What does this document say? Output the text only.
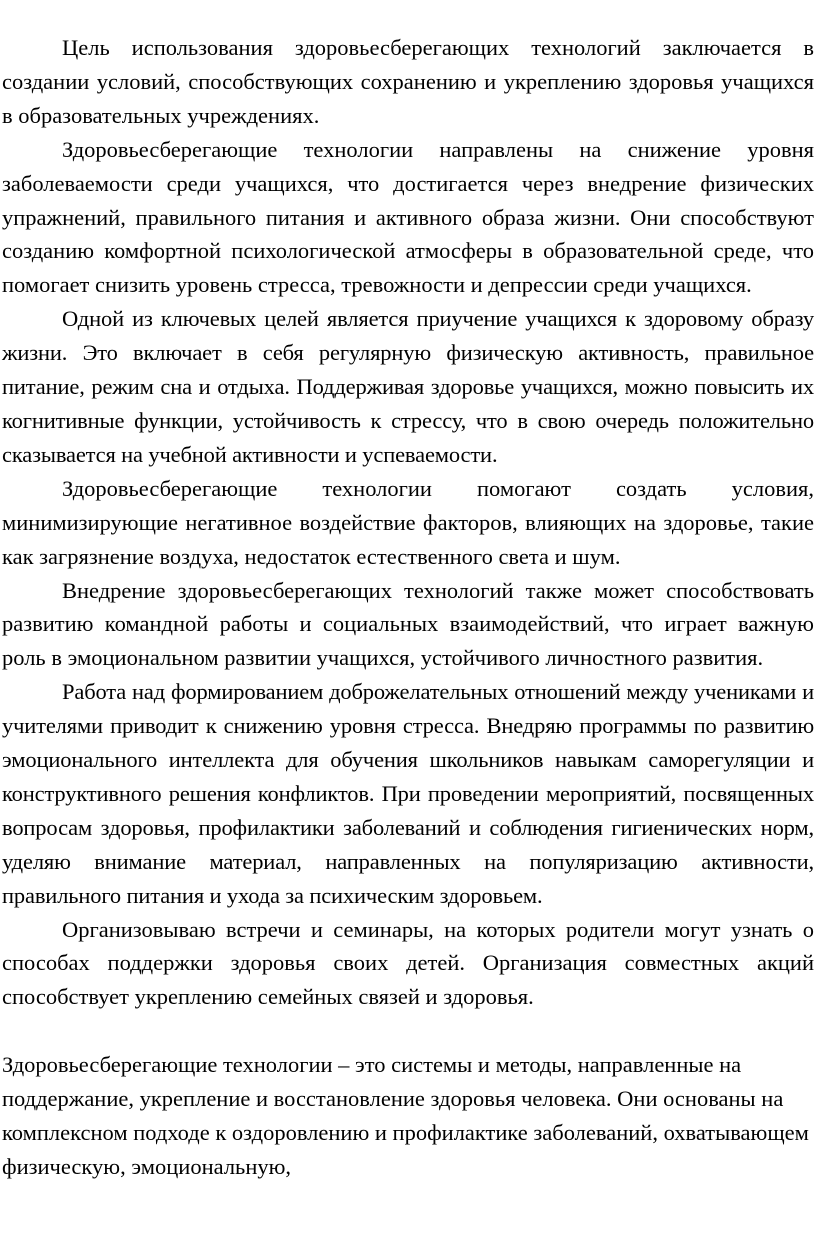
Цель использования здоровьесберегающих технологий заключается в создании условий, способствующих сохранению и укреплению здоровья учащихся в образовательных учреждениях.

Здоровьесберегающие технологии направлены на снижение уровня заболеваемости среди учащихся, что достигается через внедрение физических упражнений, правильного питания и активного образа жизни. Они способствуют созданию комфортной психологической атмосферы в образовательной среде, что помогает снизить уровень стресса, тревожности и депрессии среди учащихся.

Одной из ключевых целей является приучение учащихся к здоровому образу жизни. Это включает в себя регулярную физическую активность, правильное питание, режим сна и отдыха. Поддерживая здоровье учащихся, можно повысить их когнитивные функции, устойчивость к стрессу, что в свою очередь положительно сказывается на учебной активности и успеваемости.

Здоровьесберегающие технологии помогают создать условия, минимизирующие негативное воздействие факторов, влияющих на здоровье, такие как загрязнение воздуха, недостаток естественного света и шум.

Внедрение здоровьесберегающих технологий также может способствовать развитию командной работы и социальных взаимодействий, что играет важную роль в эмоциональном развитии учащихся, устойчивого личностного развития.

Работа над формированием доброжелательных отношений между учениками и учителями приводит к снижению уровня стресса. Внедряю программы по развитию эмоционального интеллекта для обучения школьников навыкам саморегуляции и конструктивного решения конфликтов. При проведении мероприятий, посвященных вопросам здоровья, профилактики заболеваний и соблюдения гигиенических норм, уделяю внимание материал, направленных на популяризацию активности, правильного питания и ухода за психическим здоровьем.

Организовываю встречи и семинары, на которых родители могут узнать о способах поддержки здоровья своих детей. Организация совместных акций способствует укреплению семейных связей и здоровья.

Здоровьесберегающие технологии – это системы и методы, направленные на поддержание, укрепление и восстановление здоровья человека. Они основаны на комплексном подходе к оздоровлению и профилактике заболеваний, охватывающем физическую, эмоциональную,
